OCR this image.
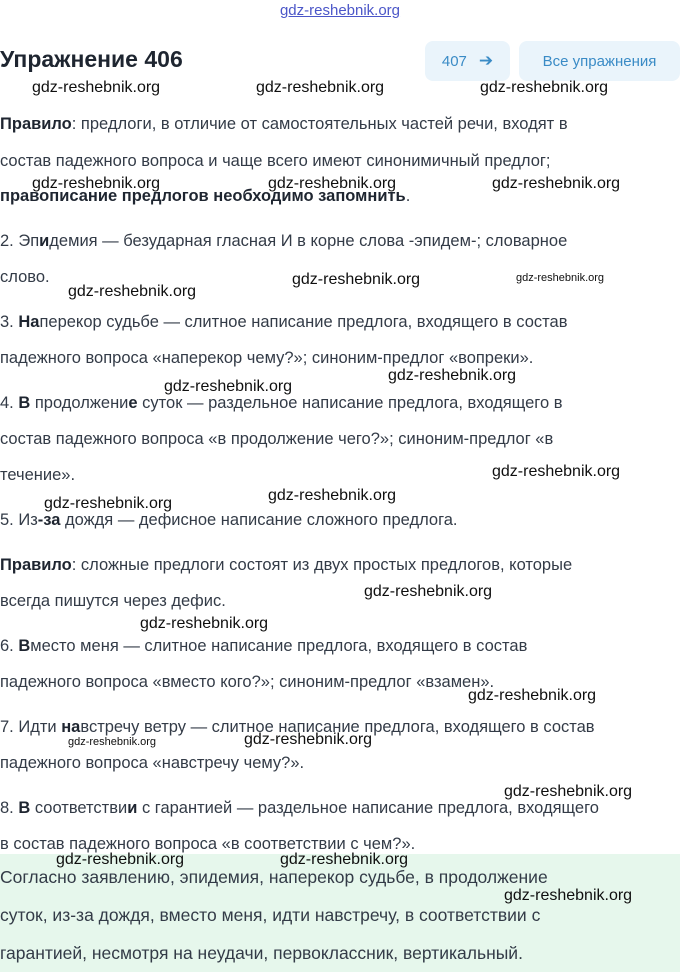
gdz-reshebnik.org
Упражнение 406	407 ➔	Все упражнения
Правило: предлоги, в отличие от самостоятельных частей речи, входят в
состав падежного вопроса и чаще всего имеют синонимичный предлог;
правописание предлогов необходимо запомнить.
2. Эпидемия — безударная гласная И в корне слова -эпидем-; словарное
слово.
3. Наперекор судьбе — слитное написание предлога, входящего в состав
падежного вопроса «наперекор чему?»; синоним-предлог «вопреки».
4. В продолжение суток — раздельное написание предлога, входящего в
состав падежного вопроса «в продолжение чего?»; синоним-предлог «в
течение».
5. Из-за дождя — дефисное написание сложного предлога.
Правило: сложные предлоги состоят из двух простых предлогов, которые
всегда пишутся через дефис.
6. Вместо меня — слитное написание предлога, входящего в состав
падежного вопроса «вместо кого?»; синоним-предлог «взамен».
7. Идти навстречу ветру — слитное написание предлога, входящего в состав
падежного вопроса «навстречу чему?».
8. В соответствии с гарантией — раздельное написание предлога, входящего
в состав падежного вопроса «в соответствии с чем?».
Согласно заявлению, эпидемия, наперекор судьбе, в продолжение
суток, из-за дождя, вместо меня, идти навстречу, в соответствии с
гарантией, несмотря на неудачи, первоклассник, вертикальный.
gdz-reshebnik.org	gdz-reshebnik.org	gdz-reshebnik.org
gdz-reshebnik.org	gdz-reshebnik.org	gdz-reshebnik.org
gdz-reshebnik.org	gdz-reshebnik.org
gdz-reshebnik.org
gdz-reshebnik.org
gdz-reshebnik.org
gdz-reshebnik.org
gdz-reshebnik.org
gdz-reshebnik.org
gdz-reshebnik.org
gdz-reshebnik.org
gdz-reshebnik.org
gdz-reshebnik.org
gdz-reshebnik.org
gdz-reshebnik.org
gdz-reshebnik.org	gdz-reshebnik.org
gdz-reshebnik.org
